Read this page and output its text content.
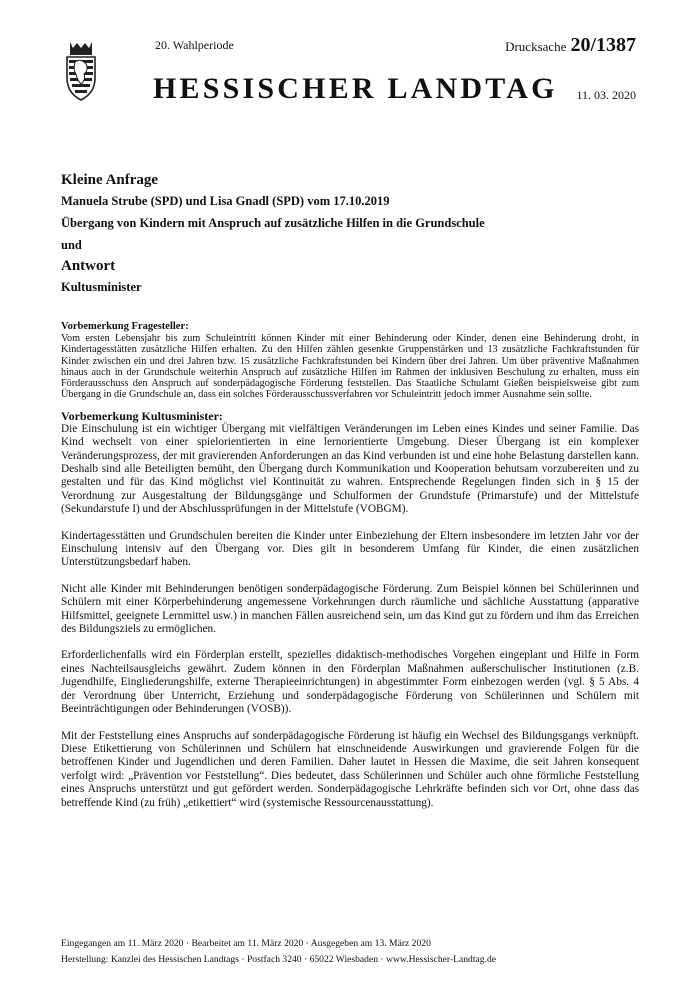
20. Wahlperiode
HESSISCHER LANDTAG
Drucksache 20/1387
11. 03. 2020

Kleine Anfrage

Manuela Strube (SPD) und Lisa Gnadl (SPD) vom 17.10.2019

Übergang von Kindern mit Anspruch auf zusätzliche Hilfen in die Grundschule

und

Antwort

Kultusminister

Vorbemerkung Fragesteller:

Vom ersten Lebensjahr bis zum Schuleintritt können Kinder mit einer Behinderung oder Kinder, denen eine Behinderung droht, in Kindertagesstätten zusätzliche Hilfen erhalten. Zu den Hilfen zählen gesenkte Gruppenstärken und 13 zusätzliche Fachkraftstunden für Kinder zwischen ein und drei Jahren bzw. 15 zusätzliche Fachkraftstunden bei Kindern über drei Jahren. Um über präventive Maßnahmen hinaus auch in der Grundschule weiterhin Anspruch auf zusätzliche Hilfen im Rahmen der inklusiven Beschulung zu erhalten, muss ein Förderausschuss den Anspruch auf sonderpädagogische Förderung feststellen. Das Staatliche Schulamt Gießen beispielsweise gibt zum Übergang in die Grundschule an, dass ein solches Förderausschussverfahren vor Schuleintritt jedoch immer Ausnahme sein sollte.

Vorbemerkung Kultusminister:

Die Einschulung ist ein wichtiger Übergang mit vielfältigen Veränderungen im Leben eines Kindes und seiner Familie. Das Kind wechselt von einer spielorientierten in eine lernorientierte Umgebung. Dieser Übergang ist ein komplexer Veränderungsprozess, der mit gravierenden Anforderungen an das Kind verbunden ist und eine hohe Belastung darstellen kann. Deshalb sind alle Beteiligten bemüht, den Übergang durch Kommunikation und Kooperation behutsam vorzubereiten und zu gestalten und für das Kind möglichst viel Kontinuität zu wahren. Entsprechende Regelungen finden sich in § 15 der Verordnung zur Ausgestaltung der Bildungsgänge und Schulformen der Grundstufe (Primarstufe) und der Mittelstufe (Sekundarstufe I) und der Abschlussprüfungen in der Mittelstufe (VOBGM).

Kindertagesstätten und Grundschulen bereiten die Kinder unter Einbeziehung der Eltern insbesondere im letzten Jahr vor der Einschulung intensiv auf den Übergang vor. Dies gilt in besonderem Umfang für Kinder, die einen zusätzlichen Unterstützungsbedarf haben.

Nicht alle Kinder mit Behinderungen benötigen sonderpädagogische Förderung. Zum Beispiel können bei Schülerinnen und Schülern mit einer Körperbehinderung angemessene Vorkehrungen durch räumliche und sächliche Ausstattung (apparative Hilfsmittel, geeignete Lernmittel usw.) in manchen Fällen ausreichend sein, um das Kind gut zu fördern und ihm das Erreichen des Bildungsziels zu ermöglichen.

Erforderlichenfalls wird ein Förderplan erstellt, spezielles didaktisch-methodisches Vorgehen eingeplant und Hilfe in Form eines Nachteilsausgleichs gewährt. Zudem können in den Förderplan Maßnahmen außerschulischer Institutionen (z.B. Jugendhilfe, Eingliederungshilfe, externe Therapieeinrichtungen) in abgestimmter Form einbezogen werden (vgl. § 5 Abs. 4 der Verordnung über Unterricht, Erziehung und sonderpädagogische Förderung von Schülerinnen und Schülern mit Beeinträchtigungen oder Behinderungen (VOSB)).

Mit der Feststellung eines Anspruchs auf sonderpädagogische Förderung ist häufig ein Wechsel des Bildungsgangs verknüpft. Diese Etikettierung von Schülerinnen und Schülern hat einschneidende Auswirkungen und gravierende Folgen für die betroffenen Kinder und Jugendlichen und deren Familien. Daher lautet in Hessen die Maxime, die seit Jahren konsequent verfolgt wird: „Prävention vor Feststellung“. Dies bedeutet, dass Schülerinnen und Schüler auch ohne förmliche Feststellung eines Anspruchs unterstützt und gut gefördert werden. Sonderpädagogische Lehrkräfte befinden sich vor Ort, ohne dass das betreffende Kind (zu früh) „etikettiert“ wird (systemische Ressourcenausstattung).

Eingegangen am 11. März 2020 · Bearbeitet am 11. März 2020 · Ausgegeben am 13. März 2020
Herstellung: Kanzlei des Hessischen Landtags · Postfach 3240 · 65022 Wiesbaden · www.Hessischer-Landtag.de
